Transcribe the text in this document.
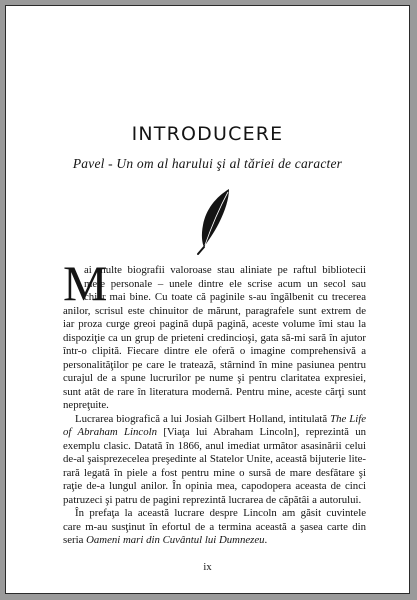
INTRODUCERE
Pavel - Un om al harului şi al tăriei de caracter
M
ai multe biografii valoroase stau aliniate pe raftul bibliotecii
mele personale – unele dintre ele scrise acum un secol sau
chiar mai bine. Cu toate că paginile s-au îngălbenit cu trecerea
anilor, scrisul este chinuitor de mărunt, paragrafele sunt extrem de
iar proza curge greoi pagină după pagină, aceste volume îmi stau la
dispoziţie ca un grup de prieteni credincioşi, gata să-mi sară în ajutor
într-o clipită. Fiecare dintre ele oferă o imagine comprehensivă a
personalităţilor pe care le tratează, stârnind în mine pasiunea pentru
curajul de a spune lucrurilor pe nume şi pentru claritatea expresiei,
sunt atât de rare în literatura modernă. Pentru mine, aceste cărţi sunt
nepreţuite.
Lucrarea biografică a lui Josiah Gilbert Holland, intitulată The Life
of Abraham Lincoln [Viaţa lui Abraham Lincoln], reprezintă un
exemplu clasic. Datată în 1866, anul imediat următor asasinării celui
de-al şaisprezecelea preşedinte al Statelor Unite, această bijuterie lite-
rară legată în piele a fost pentru mine o sursă de mare desfătare şi
raţie de-a lungul anilor. În opinia mea, capodopera aceasta de cinci
patruzeci şi patru de pagini reprezintă lucrarea de căpătâi a autorului.
În prefaţa la această lucrare despre Lincoln am găsit cuvintele
care m-au susţinut în efortul de a termina această a şasea carte din
seria Oameni mari din Cuvântul lui Dumnezeu.
ix
